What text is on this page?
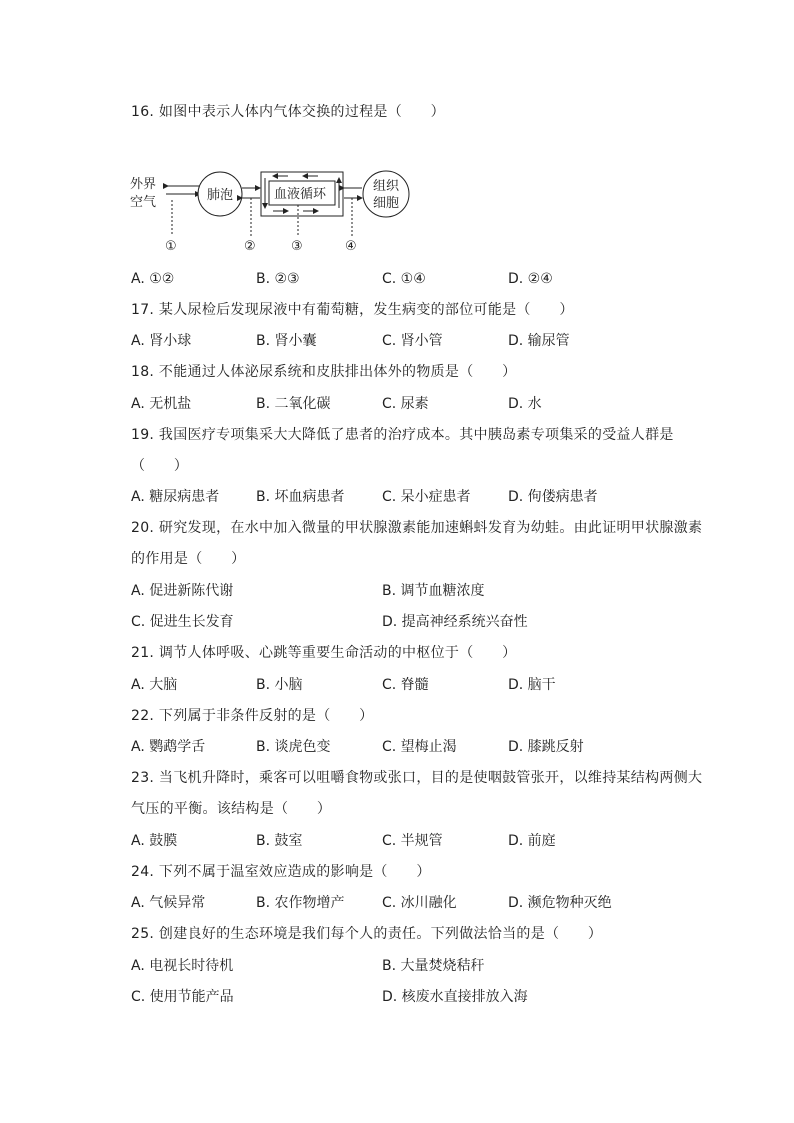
16. 如图中表示人体内气体交换的过程是（　　）
外界
空气	肺泡	血液循环
组织
细胞
①	②	③	④
A. ①②	B. ②③	C. ①④	D. ②④
17. 某人尿检后发现尿液中有葡萄糖，发生病变的部位可能是（　　）
A. 肾小球	B. 肾小囊	C. 肾小管	D. 输尿管
18. 不能通过人体泌尿系统和皮肤排出体外的物质是（　　）
A. 无机盐	B. 二氧化碳	C. 尿素	D. 水
19. 我国医疗专项集采大大降低了患者的治疗成本。其中胰岛素专项集采的受益人群是
（　　）
A. 糖尿病患者	B. 坏血病患者	C. 呆小症患者	D. 佝偻病患者
20. 研究发现，在水中加入微量的甲状腺激素能加速蝌蚪发育为幼蛙。由此证明甲状腺激素
的作用是（　　）
A. 促进新陈代谢	B. 调节血糖浓度
C. 促进生长发育	D. 提高神经系统兴奋性
21. 调节人体呼吸、心跳等重要生命活动的中枢位于（　　）
A. 大脑	B. 小脑	C. 脊髓	D. 脑干
22. 下列属于非条件反射的是（　　）
A. 鹦鹉学舌	B. 谈虎色变	C. 望梅止渴	D. 膝跳反射
23. 当飞机升降时，乘客可以咀嚼食物或张口，目的是使咽鼓管张开，以维持某结构两侧大
气压的平衡。该结构是（　　）
A. 鼓膜	B. 鼓室	C. 半规管	D. 前庭
24. 下列不属于温室效应造成的影响是（　　）
A. 气候异常	B. 农作物增产	C. 冰川融化	D. 濒危物种灭绝
25. 创建良好的生态环境是我们每个人的责任。下列做法恰当的是（　　）
A. 电视长时待机	B. 大量焚烧秸秆
C. 使用节能产品	D. 核废水直接排放入海
